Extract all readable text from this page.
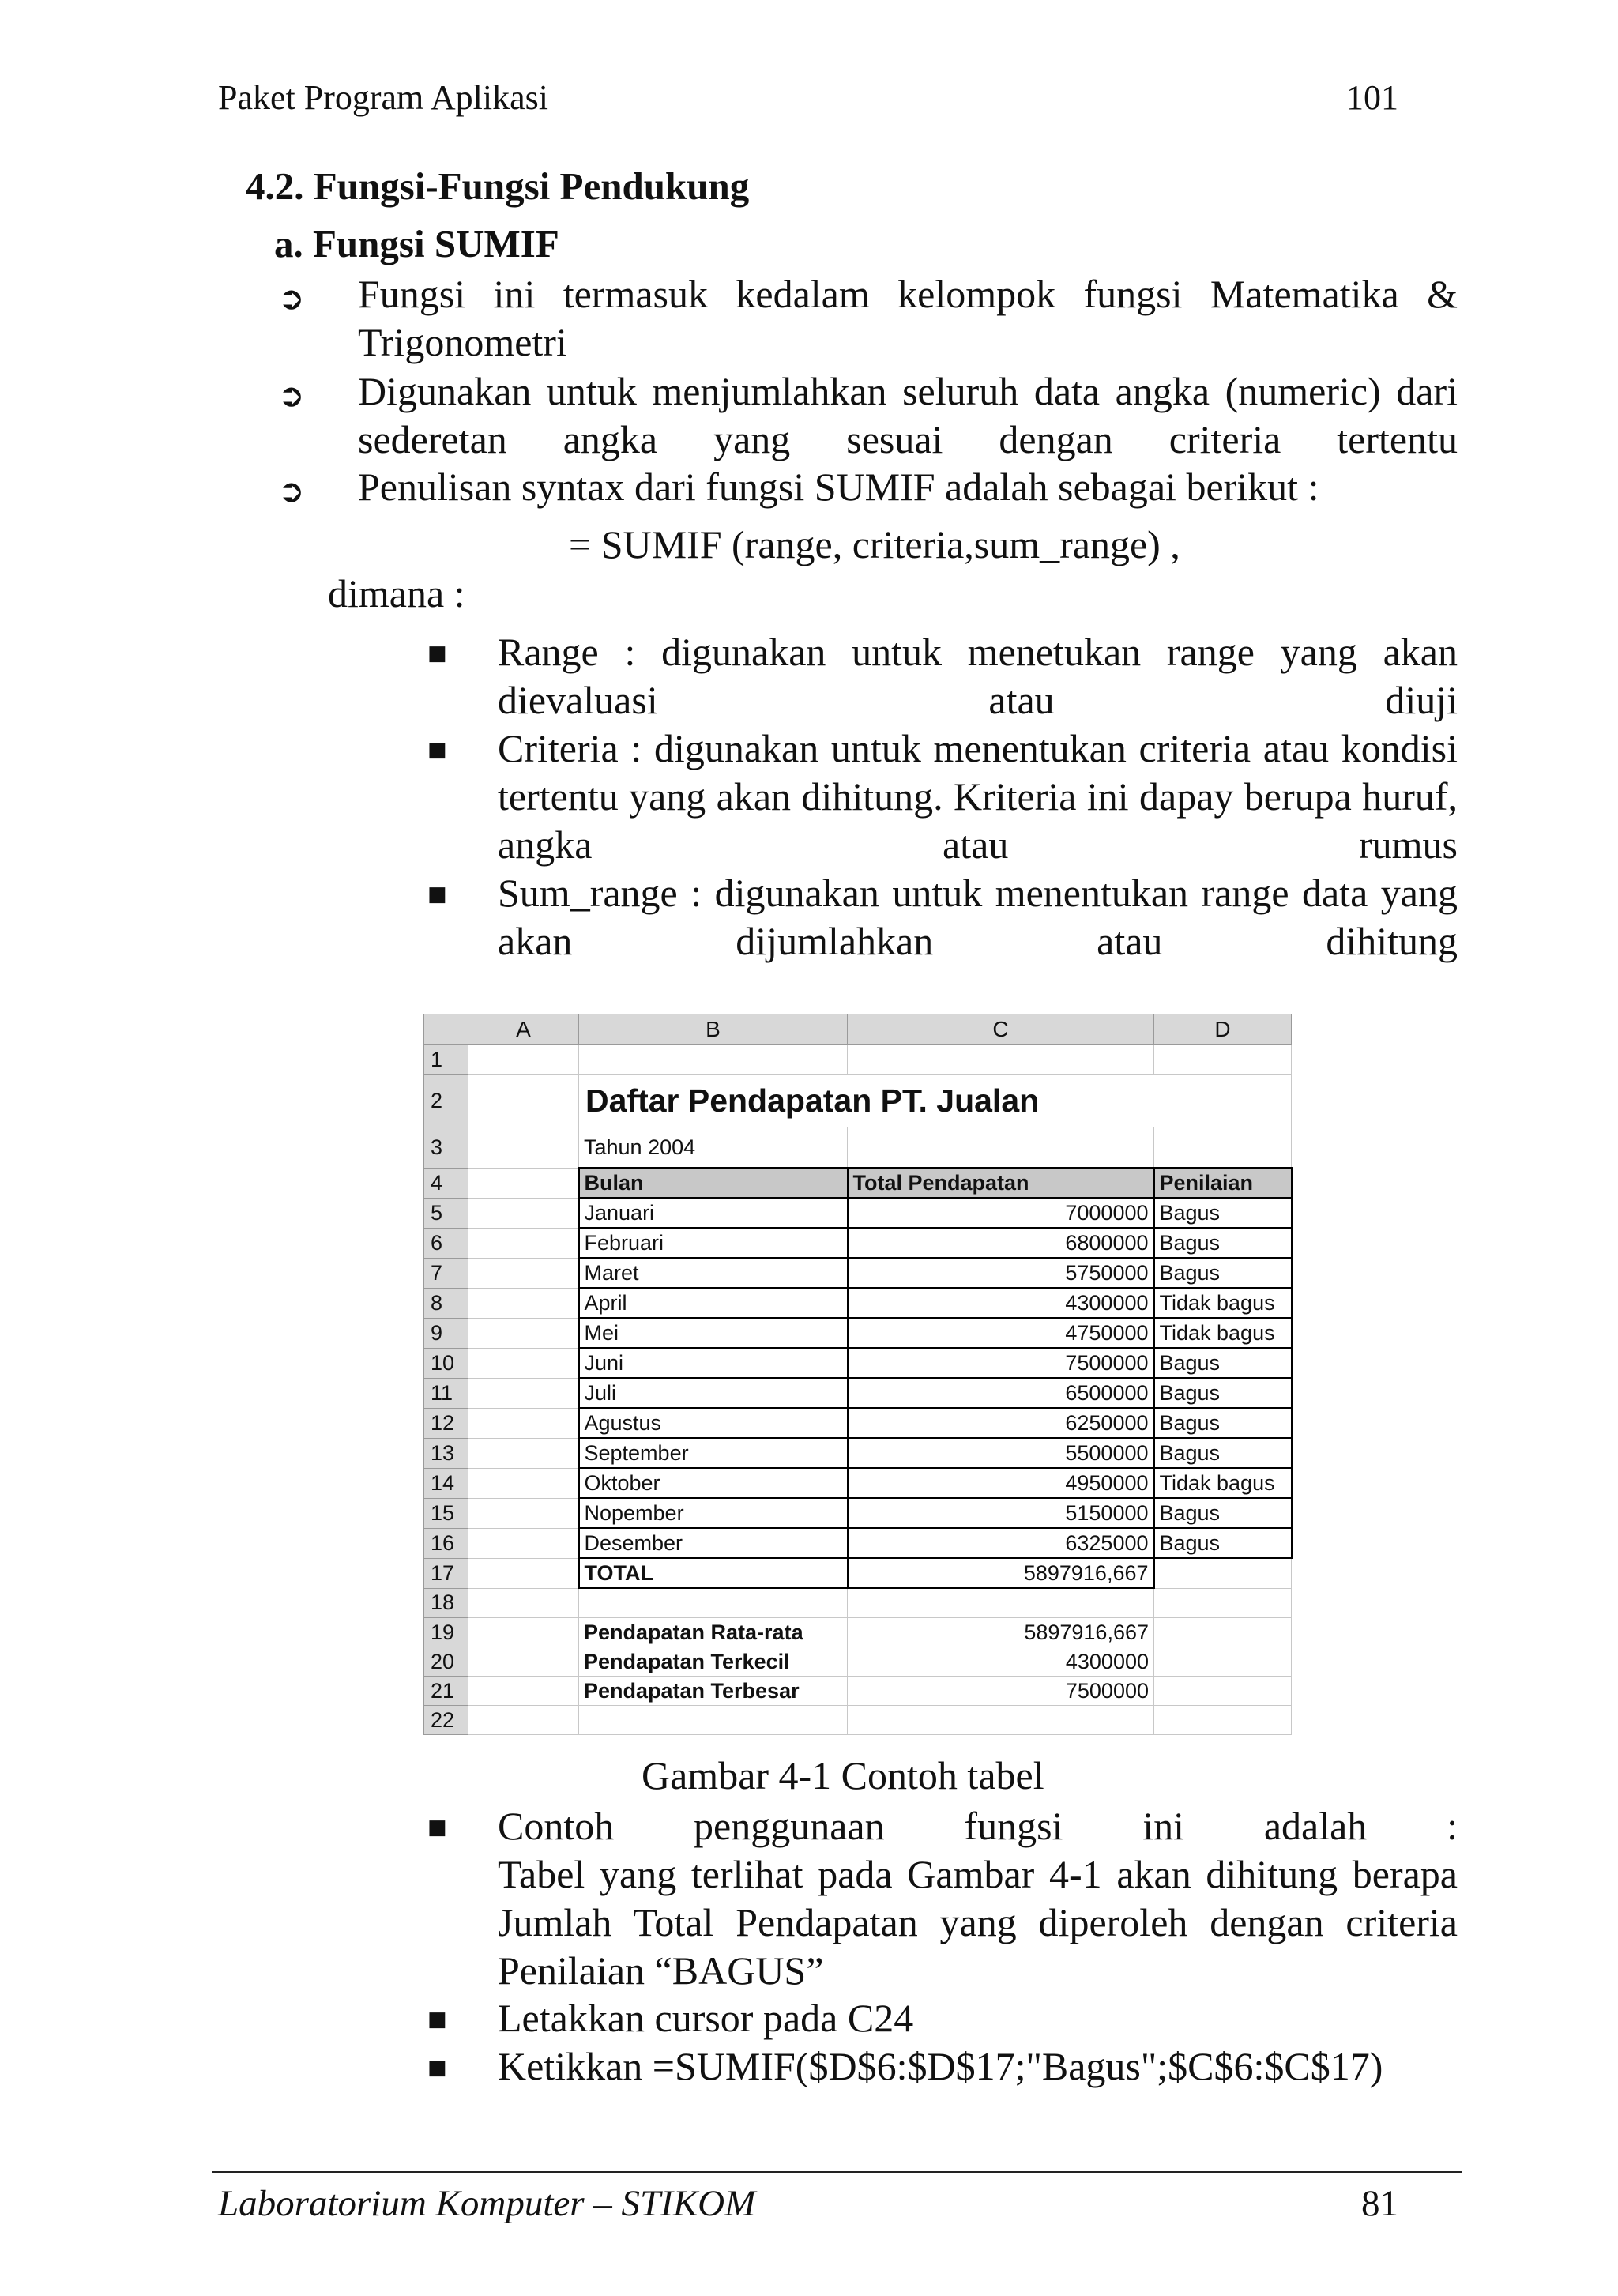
Paket Program Aplikasi	101
4.2. Fungsi-Fungsi Pendukung
a. Fungsi SUMIF
➲ Fungsi ini termasuk kedalam kelompok fungsi Matematika & Trigonometri
➲ Digunakan untuk menjumlahkan seluruh data angka (numeric) dari sederetan angka yang sesuai dengan criteria tertentu
➲ Penulisan syntax dari fungsi SUMIF adalah sebagai berikut :
= SUMIF (range, criteria,sum_range) ,
dimana :
■ Range : digunakan untuk menetukan range yang akan dievaluasi atau diuji
■ Criteria : digunakan untuk menentukan criteria atau kondisi tertentu yang akan dihitung. Kriteria ini dapay berupa huruf, angka atau rumus
■ Sum_range : digunakan untuk menentukan range data yang akan dijumlahkan atau dihitung
	A	B	C	D
1				
2		Daftar Pendapatan PT. Jualan		
3		Tahun 2004		
4		Bulan	Total Pendapatan	Penilaian
5		Januari	7000000	Bagus
6		Februari	6800000	Bagus
7		Maret	5750000	Bagus
8		April	4300000	Tidak bagus
9		Mei	4750000	Tidak bagus
10		Juni	7500000	Bagus
11		Juli	6500000	Bagus
12		Agustus	6250000	Bagus
13		September	5500000	Bagus
14		Oktober	4950000	Tidak bagus
15		Nopember	5150000	Bagus
16		Desember	6325000	Bagus
17		TOTAL	5897916,667	
18				
19		Pendapatan Rata-rata	5897916,667	
20		Pendapatan Terkecil	4300000	
21		Pendapatan Terbesar	7500000	
22				
Gambar 4-1 Contoh tabel
■ Contoh penggunaan fungsi ini adalah :
Tabel yang terlihat pada Gambar 4-1 akan dihitung berapa Jumlah Total Pendapatan yang diperoleh dengan criteria Penilaian “BAGUS”
■ Letakkan cursor pada C24
■ Ketikkan =SUMIF($D$6:$D$17;"Bagus";$C$6:$C$17)
Laboratorium Komputer – STIKOM	81
